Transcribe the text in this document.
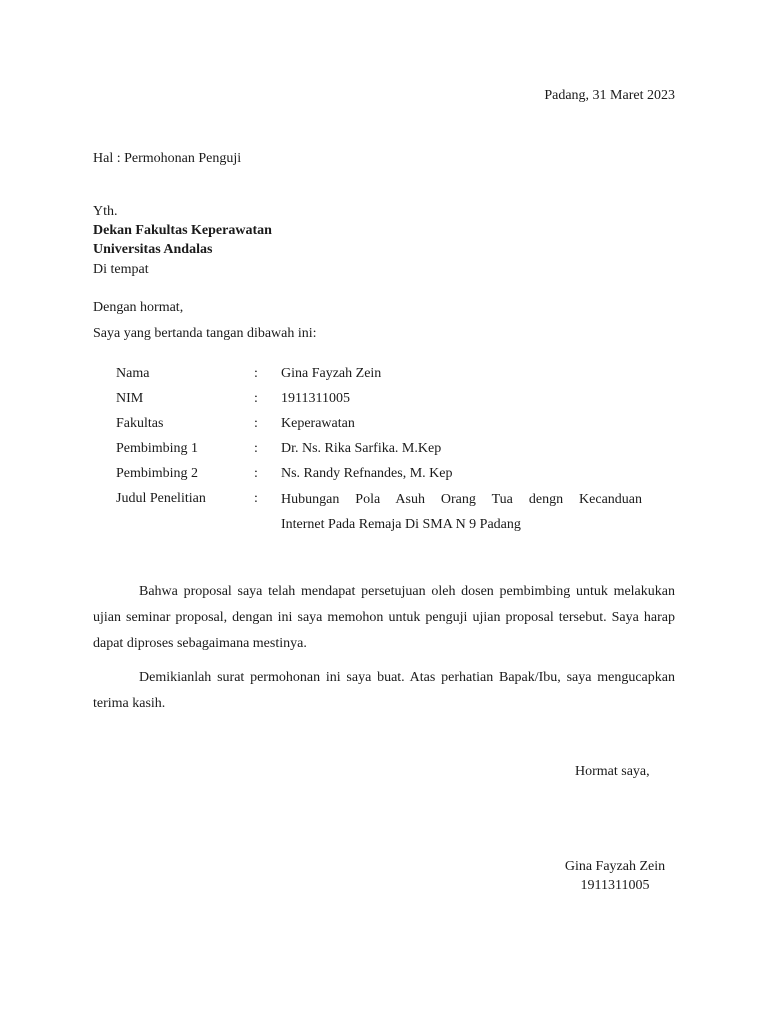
Padang, 31 Maret 2023
Hal : Permohonan Penguji
Yth.
Dekan Fakultas Keperawatan
Universitas Andalas
Di tempat
Dengan hormat,
Saya yang bertanda tangan dibawah ini:
Nama	: Gina Fayzah Zein
NIM	: 1911311005
Fakultas	: Keperawatan
Pembimbing 1	: Dr. Ns. Rika Sarfika. M.Kep
Pembimbing 2	: Ns. Randy Refnandes, M. Kep
Judul Penelitian	: Hubungan Pola Asuh Orang Tua dengn Kecanduan
Internet Pada Remaja Di SMA N 9 Padang
Bahwa proposal saya telah mendapat persetujuan oleh dosen pembimbing untuk melakukan ujian seminar proposal, dengan ini saya memohon untuk penguji ujian proposal tersebut. Saya harap dapat diproses sebagaimana mestinya.
Demikianlah surat permohonan ini saya buat. Atas perhatian Bapak/Ibu, saya mengucapkan terima kasih.
Hormat saya,
Gina Fayzah Zein
1911311005
